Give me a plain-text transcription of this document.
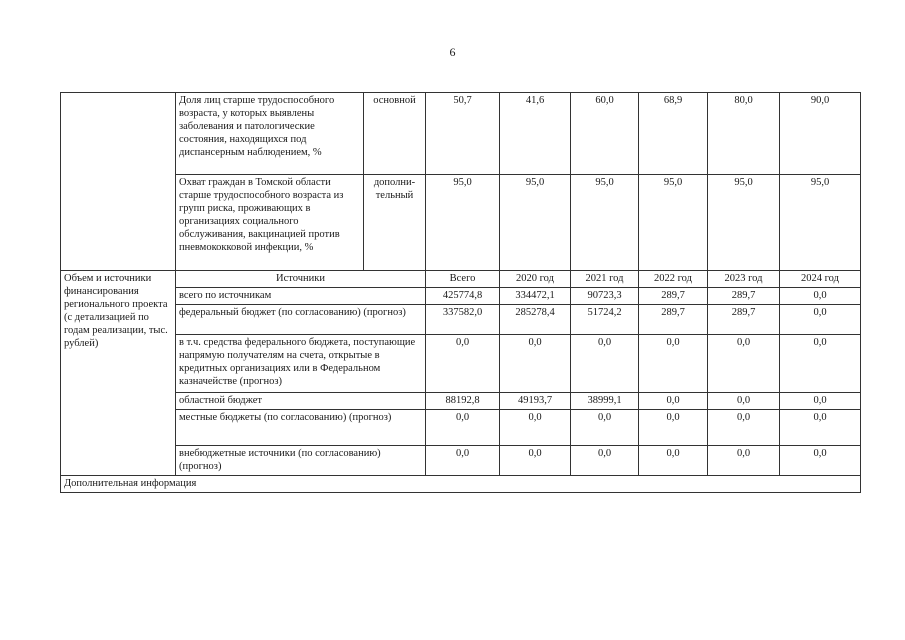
6
	Доля лиц старше трудоспособного возраста, у которых выявлены заболевания и патологические состояния, находящихся под диспансерным наблюдением, %	основной	50,7	41,6	60,0	68,9	80,0	90,0
	Охват граждан в Томской области старше трудоспособного возраста из групп риска, проживающих в организациях социального обслуживания, вакцинацией против пневмококковой инфекции, %	дополни-тельный	95,0	95,0	95,0	95,0	95,0	95,0
Объем и источники финансирования регионального проекта (с детализацией по годам реализации, тыс. рублей)	Источники		Всего	2020 год	2021 год	2022 год	2023 год	2024 год
	всего по источникам		425774,8	334472,1	90723,3	289,7	289,7	0,0
	федеральный бюджет (по согласованию) (прогноз)		337582,0	285278,4	51724,2	289,7	289,7	0,0
	в т.ч. средства федерального бюджета, поступающие напрямую получателям на счета, открытые в кредитных организациях или в Федеральном казначействе (прогноз)		0,0	0,0	0,0	0,0	0,0	0,0
	областной бюджет		88192,8	49193,7	38999,1	0,0	0,0	0,0
	местные бюджеты (по согласованию) (прогноз)		0,0	0,0	0,0	0,0	0,0	0,0
	внебюджетные источники (по согласованию) (прогноз)		0,0	0,0	0,0	0,0	0,0	0,0
Дополнительная информация								
